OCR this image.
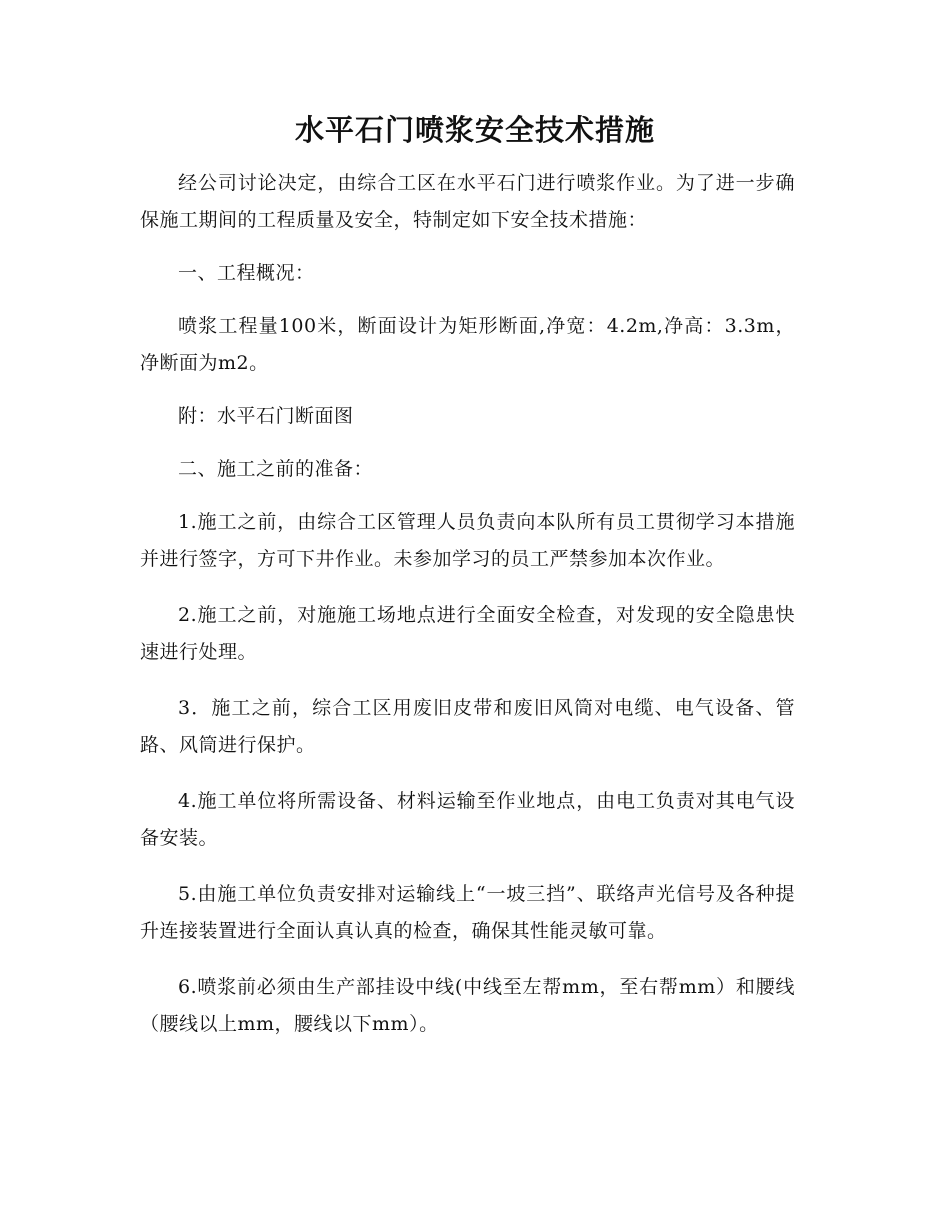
水平石门喷浆安全技术措施

经公司讨论决定，由综合工区在水平石门进行喷浆作业。为了进一步确保施工期间的工程质量及安全，特制定如下安全技术措施：

一、工程概况：

喷浆工程量100米，断面设计为矩形断面,净宽：4.2m,净高：3.3m，净断面为m2。

附：水平石门断面图

二、施工之前的准备：

1.施工之前，由综合工区管理人员负责向本队所有员工贯彻学习本措施并进行签字，方可下井作业。未参加学习的员工严禁参加本次作业。

2.施工之前，对施施工场地点进行全面安全检查，对发现的安全隐患快速进行处理。

3．施工之前，综合工区用废旧皮带和废旧风筒对电缆、电气设备、管路、风筒进行保护。

4.施工单位将所需设备、材料运输至作业地点，由电工负责对其电气设备安装。

5.由施工单位负责安排对运输线上“一坡三挡”、联络声光信号及各种提升连接装置进行全面认真认真的检查，确保其性能灵敏可靠。

6.喷浆前必须由生产部挂设中线(中线至左帮mm，至右帮mm）和腰线（腰线以上mm，腰线以下mm）。
